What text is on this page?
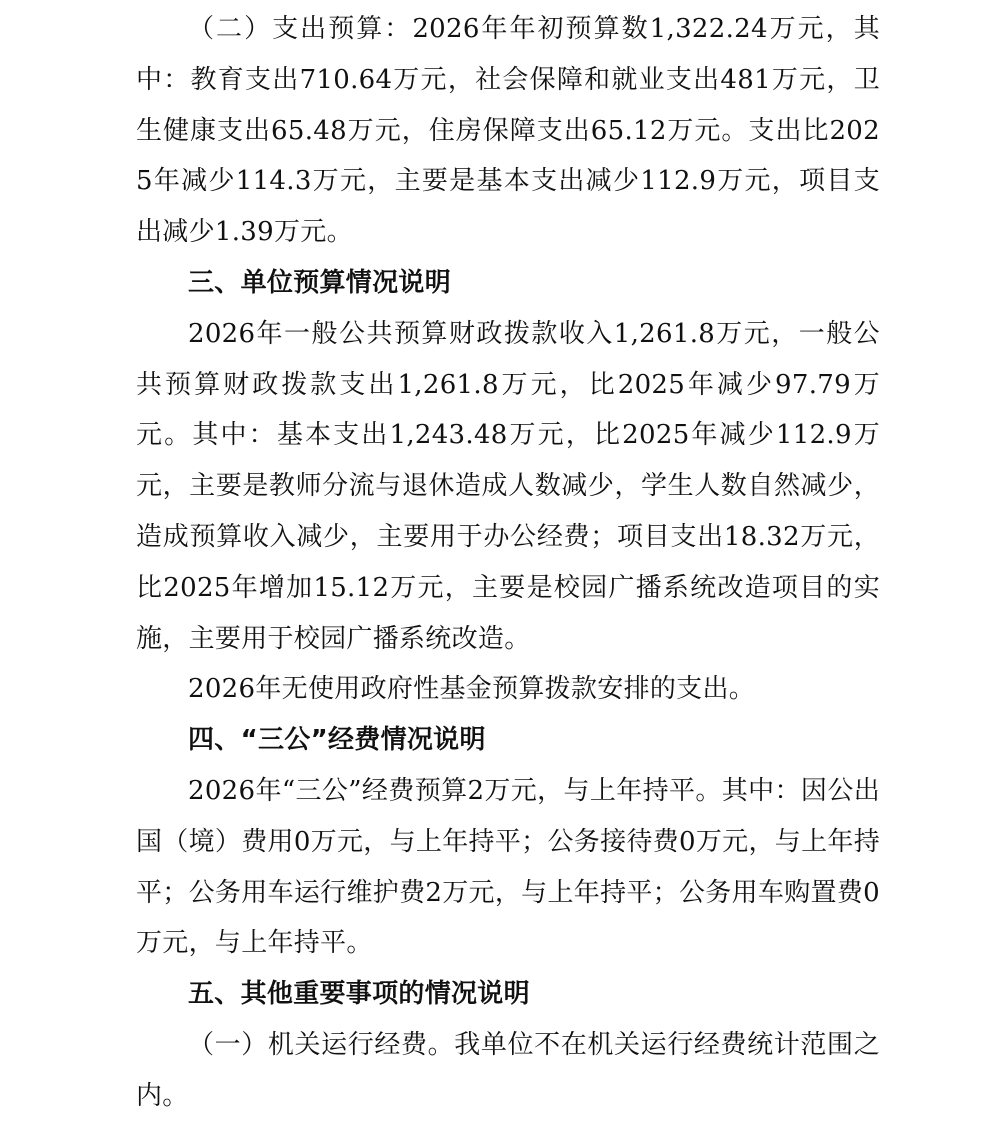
（二）支出预算：2026年年初预算数1,322.24万元，其中：教育支出710.64万元，社会保障和就业支出481万元，卫生健康支出65.48万元，住房保障支出65.12万元。支出比2025年减少114.3万元，主要是基本支出减少112.9万元，项目支出减少1.39万元。

三、单位预算情况说明

2026年一般公共预算财政拨款收入1,261.8万元，一般公共预算财政拨款支出1,261.8万元，比2025年减少97.79万元。其中：基本支出1,243.48万元，比2025年减少112.9万元，主要是教师分流与退休造成人数减少，学生人数自然减少，造成预算收入减少，主要用于办公经费；项目支出18.32万元，比2025年增加15.12万元，主要是校园广播系统改造项目的实施，主要用于校园广播系统改造。

2026年无使用政府性基金预算拨款安排的支出。

四、“三公”经费情况说明

2026年“三公”经费预算2万元，与上年持平。其中：因公出国（境）费用0万元，与上年持平；公务接待费0万元，与上年持平；公务用车运行维护费2万元，与上年持平；公务用车购置费0万元，与上年持平。

五、其他重要事项的情况说明

（一）机关运行经费。我单位不在机关运行经费统计范围之内。
